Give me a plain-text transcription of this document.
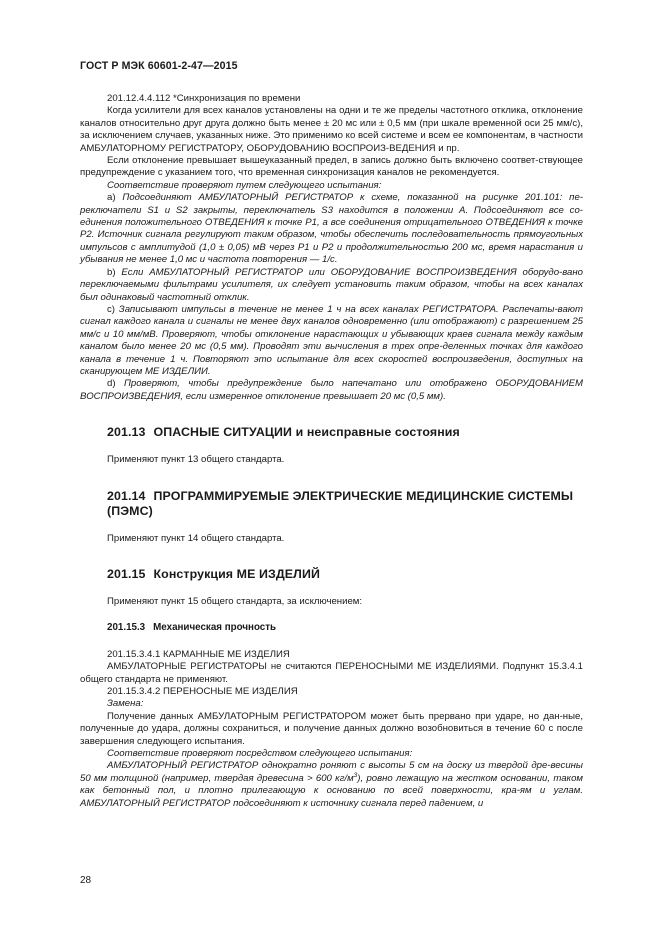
ГОСТ Р МЭК 60601-2-47—2015

201.12.4.4.112 *Синхронизация по времени

Когда усилители для всех каналов установлены на одни и те же пределы частотного отклика, отклонение каналов относительно друг друга должно быть менее ± 20 мс или ± 0,5 мм (при шкале временной оси 25 мм/с), за исключением случаев, указанных ниже. Это применимо ко всей системе и всем ее компонентам, в частности АМБУЛАТОРНОМУ РЕГИСТРАТОРУ, ОБОРУДОВАНИЮ ВОСПРОИЗ-ВЕДЕНИЯ и пр.

Если отклонение превышает вышеуказанный предел, в запись должно быть включено соответ-ствующее предупреждение с указанием того, что временная синхронизация каналов не рекомендуется.

Соответствие проверяют путем следующего испытания:

а) Подсоединяют АМБУЛАТОРНЫЙ РЕГИСТРАТОР к схеме, показанной на рисунке 201.101: пе-реключатели S1 и S2 закрыты, переключатель S3 находится в положении А. Подсоединяют все со-единения положительного ОТВЕДЕНИЯ к точке Р1, а все соединения отрицательного ОТВЕДЕНИЯ к точке Р2. Источник сигнала регулируют таким образом, чтобы обеспечить последовательность прямоугольных импульсов с амплитудой (1,0 ± 0,05) мВ через Р1 и Р2 и продолжительностью 200 мс, время нарастания и убывания не менее 1,0 мс и частота повторения — 1/с.

b) Если АМБУЛАТОРНЫЙ РЕГИСТРАТОР или ОБОРУДОВАНИЕ ВОСПРОИЗВЕДЕНИЯ оборудо-вано переключаемыми фильтрами усилителя, их следует установить таким образом, чтобы на всех каналах был одинаковый частотный отклик.

с) Записывают импульсы в течение не менее 1 ч на всех каналах РЕГИСТРАТОРА. Распечаты-вают сигнал каждого канала и сигналы не менее двух каналов одновременно (или отображают) с разрешением 25 мм/с и 10 мм/мВ. Проверяют, чтобы отклонение нарастающих и убывающих краев сигнала между каждым каналом было менее 20 мс (0,5 мм). Проводят эти вычисления в трех опре-деленных точках для каждого канала в течение 1 ч. Повторяют это испытание для всех скоростей воспроизведения, доступных на сканирующем МЕ ИЗДЕЛИИ.

d) Проверяют, чтобы предупреждение было напечатано или отображено ОБОРУДОВАНИЕМ ВОСПРОИЗВЕДЕНИЯ, если измеренное отклонение превышает 20 мс (0,5 мм).

201.13 ОПАСНЫЕ СИТУАЦИИ и неисправные состояния

Применяют пункт 13 общего стандарта.

201.14 ПРОГРАММИРУЕМЫЕ ЭЛЕКТРИЧЕСКИЕ МЕДИЦИНСКИЕ СИСТЕМЫ (ПЭМС)

Применяют пункт 14 общего стандарта.

201.15 Конструкция МЕ ИЗДЕЛИЙ

Применяют пункт 15 общего стандарта, за исключением:

201.15.3 Механическая прочность

201.15.3.4.1 КАРМАННЫЕ МЕ ИЗДЕЛИЯ

АМБУЛАТОРНЫЕ РЕГИСТРАТОРЫ не считаются ПЕРЕНОСНЫМИ МЕ ИЗДЕЛИЯМИ. Подпункт 15.3.4.1 общего стандарта не применяют.

201.15.3.4.2 ПЕРЕНОСНЫЕ МЕ ИЗДЕЛИЯ

Замена:

Получение данных АМБУЛАТОРНЫМ РЕГИСТРАТОРОМ может быть прервано при ударе, но дан-ные, полученные до удара, должны сохраниться, и получение данных должно возобновиться в течение 60 с после завершения следующего испытания.

Соответствие проверяют посредством следующего испытания:

АМБУЛАТОРНЫЙ РЕГИСТРАТОР однократно роняют с высоты 5 см на доску из твердой дре-весины 50 мм толщиной (например, твердая древесина > 600 $кг/м^3$), ровно лежащую на жестком основании, таком как бетонный пол, и плотно прилегающую к основанию по всей поверхности, кра-ям и углам. АМБУЛАТОРНЫЙ РЕГИСТРАТОР подсоединяют к источнику сигнала перед падением, и

28
